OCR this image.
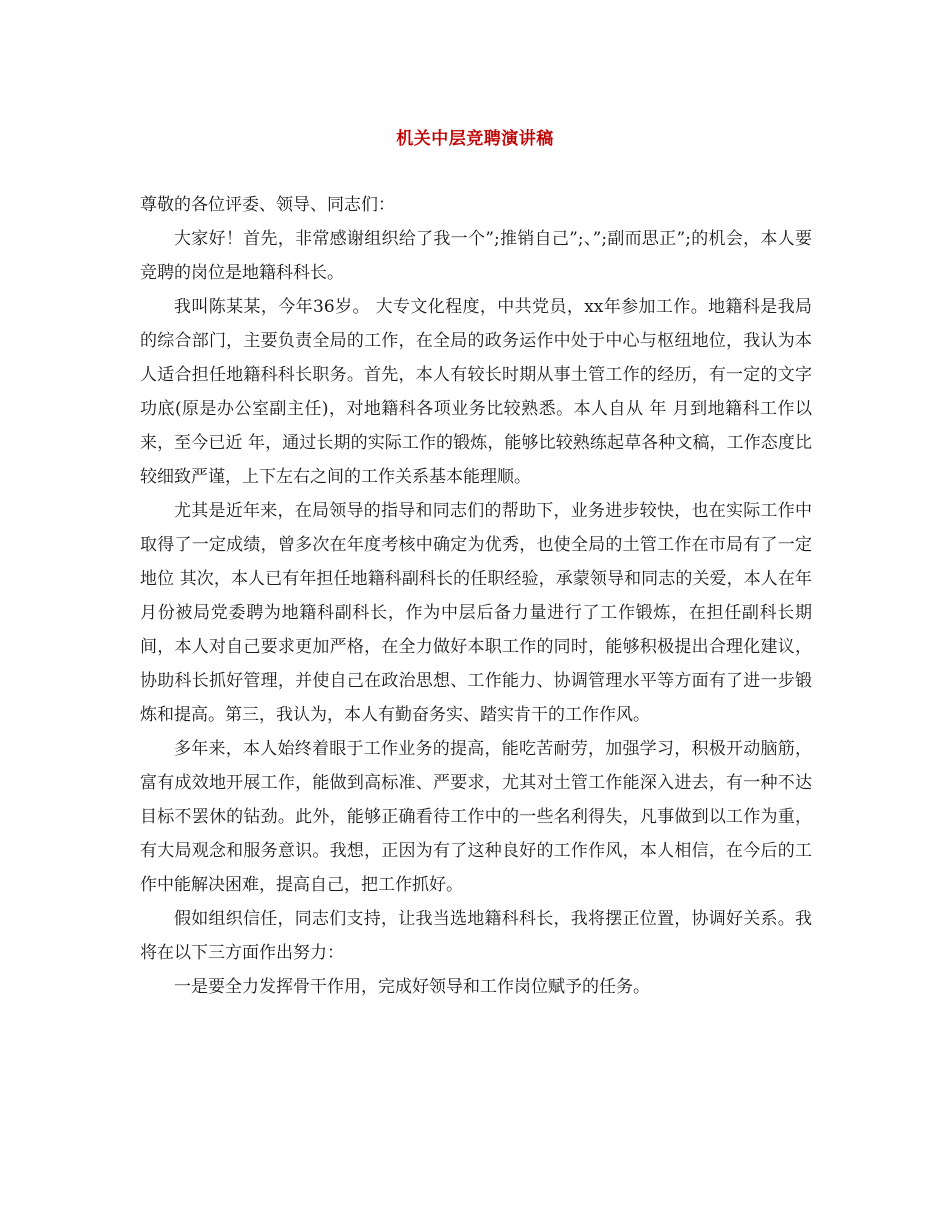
机关中层竞聘演讲稿

尊敬的各位评委、领导、同志们：

大家好！首先，非常感谢组织给了我一个”;推销自己”;、”;副而思正”;的机会，本人要竞聘的岗位是地籍科科长。

我叫陈某某，今年36岁。 大专文化程度，中共党员，xx年参加工作。地籍科是我局的综合部门，主要负责全局的工作，在全局的政务运作中处于中心与枢纽地位，我认为本人适合担任地籍科科长职务。首先，本人有较长时期从事土管工作的经历，有一定的文字功底(原是办公室副主任)，对地籍科各项业务比较熟悉。本人自从 年 月到地籍科工作以来，至今已近 年，通过长期的实际工作的锻炼，能够比较熟练起草各种文稿，工作态度比较细致严谨，上下左右之间的工作关系基本能理顺。

尤其是近年来，在局领导的指导和同志们的帮助下，业务进步较快，也在实际工作中取得了一定成绩，曾多次在年度考核中确定为优秀，也使全局的土管工作在市局有了一定地位 其次，本人已有年担任地籍科副科长的任职经验，承蒙领导和同志的关爱，本人在年 月份被局党委聘为地籍科副科长，作为中层后备力量进行了工作锻炼，在担任副科长期间，本人对自己要求更加严格，在全力做好本职工作的同时，能够积极提出合理化建议，协助科长抓好管理，并使自己在政治思想、工作能力、协调管理水平等方面有了进一步锻炼和提高。第三，我认为，本人有勤奋务实、踏实肯干的工作作风。

多年来，本人始终着眼于工作业务的提高，能吃苦耐劳，加强学习，积极开动脑筋，富有成效地开展工作，能做到高标准、严要求，尤其对土管工作能深入进去，有一种不达目标不罢休的钻劲。此外，能够正确看待工作中的一些名利得失，凡事做到以工作为重，有大局观念和服务意识。我想，正因为有了这种良好的工作作风，本人相信，在今后的工作中能解决困难，提高自己，把工作抓好。

假如组织信任，同志们支持，让我当选地籍科科长，我将摆正位置，协调好关系。我将在以下三方面作出努力：

一是要全力发挥骨干作用，完成好领导和工作岗位赋予的任务。
